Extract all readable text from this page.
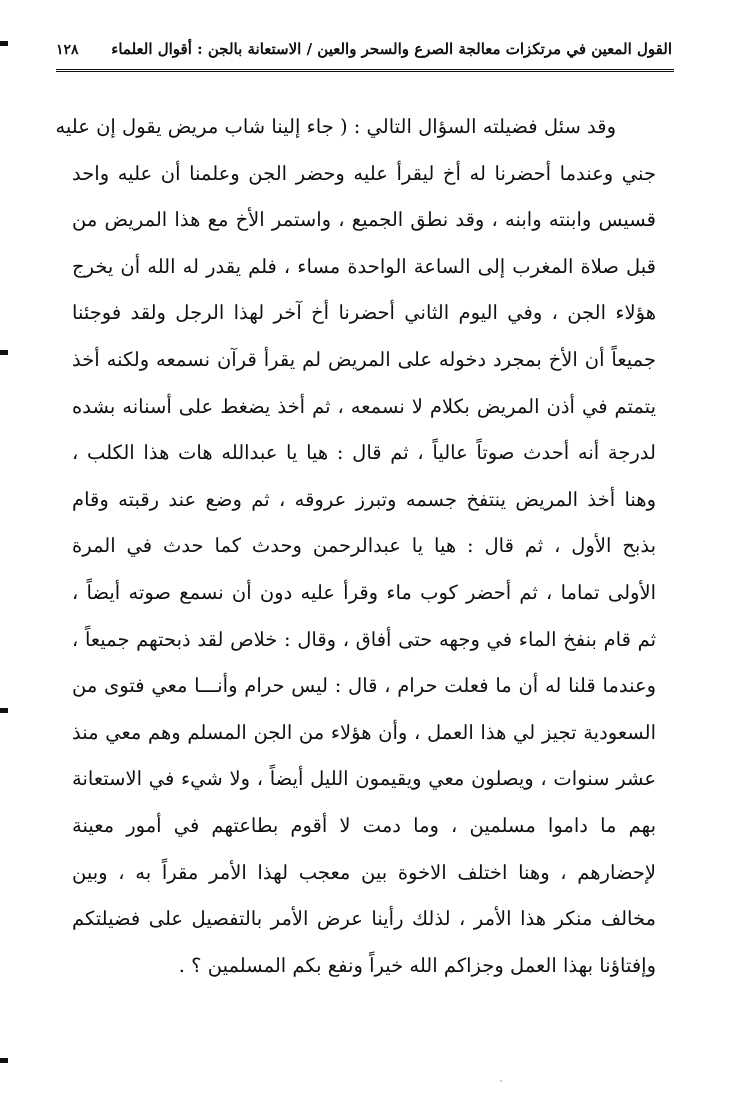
القول المعين في مرتكزات معالجة الصرع والسحر والعين / الاستعانة بالجن : أقوال العلماء
١٢٨
وقد سئل فضيلته السؤال التالي : ( جاء إلينا شاب مريض يقول إن عليه
جني وعندما أحضرنا له أخ ليقرأ عليه وحضر الجن وعلمنا أن عليه واحد
قسيس وابنته وابنه ، وقد نطق الجميع ، واستمر الأخ مع هذا المريض من
قبل صلاة المغرب إلى الساعة الواحدة مساء ، فلم يقدر له الله أن يخرج
هؤلاء الجن ، وفي اليوم الثاني أحضرنا أخ آخر لهذا الرجل ولقد فوجئنا
جميعاً أن الأخ بمجرد دخوله على المريض لم يقرأ قرآن نسمعه ولكنه أخذ
يتمتم في أذن المريض بكلام لا نسمعه ، ثم أخذ يضغط على أسنانه بشده
لدرجة أنه أحدث صوتاً عالياً ، ثم قال : هيا يا عبدالله هات هذا الكلب ،
وهنا أخذ المريض ينتفخ جسمه وتبرز عروقه ، ثم وضع عند رقبته وقام
بذبح الأول ، ثم قال : هيا يا عبدالرحمن وحدث كما حدث في المرة
الأولى تماما ، ثم أحضر كوب ماء وقرأ عليه دون أن نسمع صوته أيضاً ،
ثم قام بنفخ الماء في وجهه حتى أفاق ، وقال : خلاص لقد ذبحتهم جميعاً ،
وعندما قلنا له أن ما فعلت حرام ، قال : ليس حرام وأنـــا معي فتوى من
السعودية تجيز لي هذا العمل ، وأن هؤلاء من الجن المسلم وهم معي منذ
عشر سنوات ، ويصلون معي ويقيمون الليل أيضاً ، ولا شيء في الاستعانة
بهم ما داموا مسلمين ، وما دمت لا أقوم بطاعتهم في أمور معينة
لإحضارهم ، وهنا اختلف الاخوة بين معجب لهذا الأمر مقراً به ، وبين
مخالف منكر هذا الأمر ، لذلك رأينا عرض الأمر بالتفصيل على فضيلتكم
وإفتاؤنا بهذا العمل وجزاكم الله خيراً ونفع بكم المسلمين ؟ .
